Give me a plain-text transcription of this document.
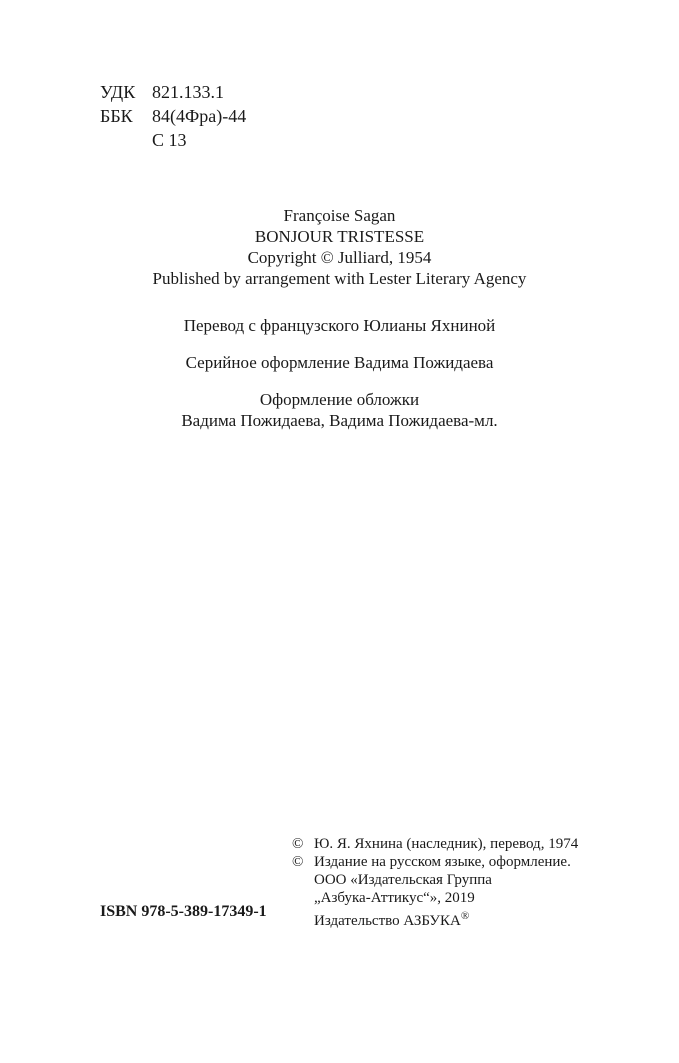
УДК 821.133.1
ББК	84(4Фра)-44
С 13
Françoise Sagan
BONJOUR TRISTESSE
Copyright © Julliard, 1954
Published by arrangement with Lester Literary Agency
Перевод с французского Юлианы Яхниной
Серийное оформление Вадима Пожидаева
Оформление обложки
Вадима Пожидаева, Вадима Пожидаева-мл.
© Ю. Я. Яхнина (наследник), перевод, 1974
© Издание на русском языке, оформление.
ООО «Издательская Группа
„Азбука-Аттикус“», 2019
Издательство АЗБУКА®
ISBN 978-5-389-17349-1
